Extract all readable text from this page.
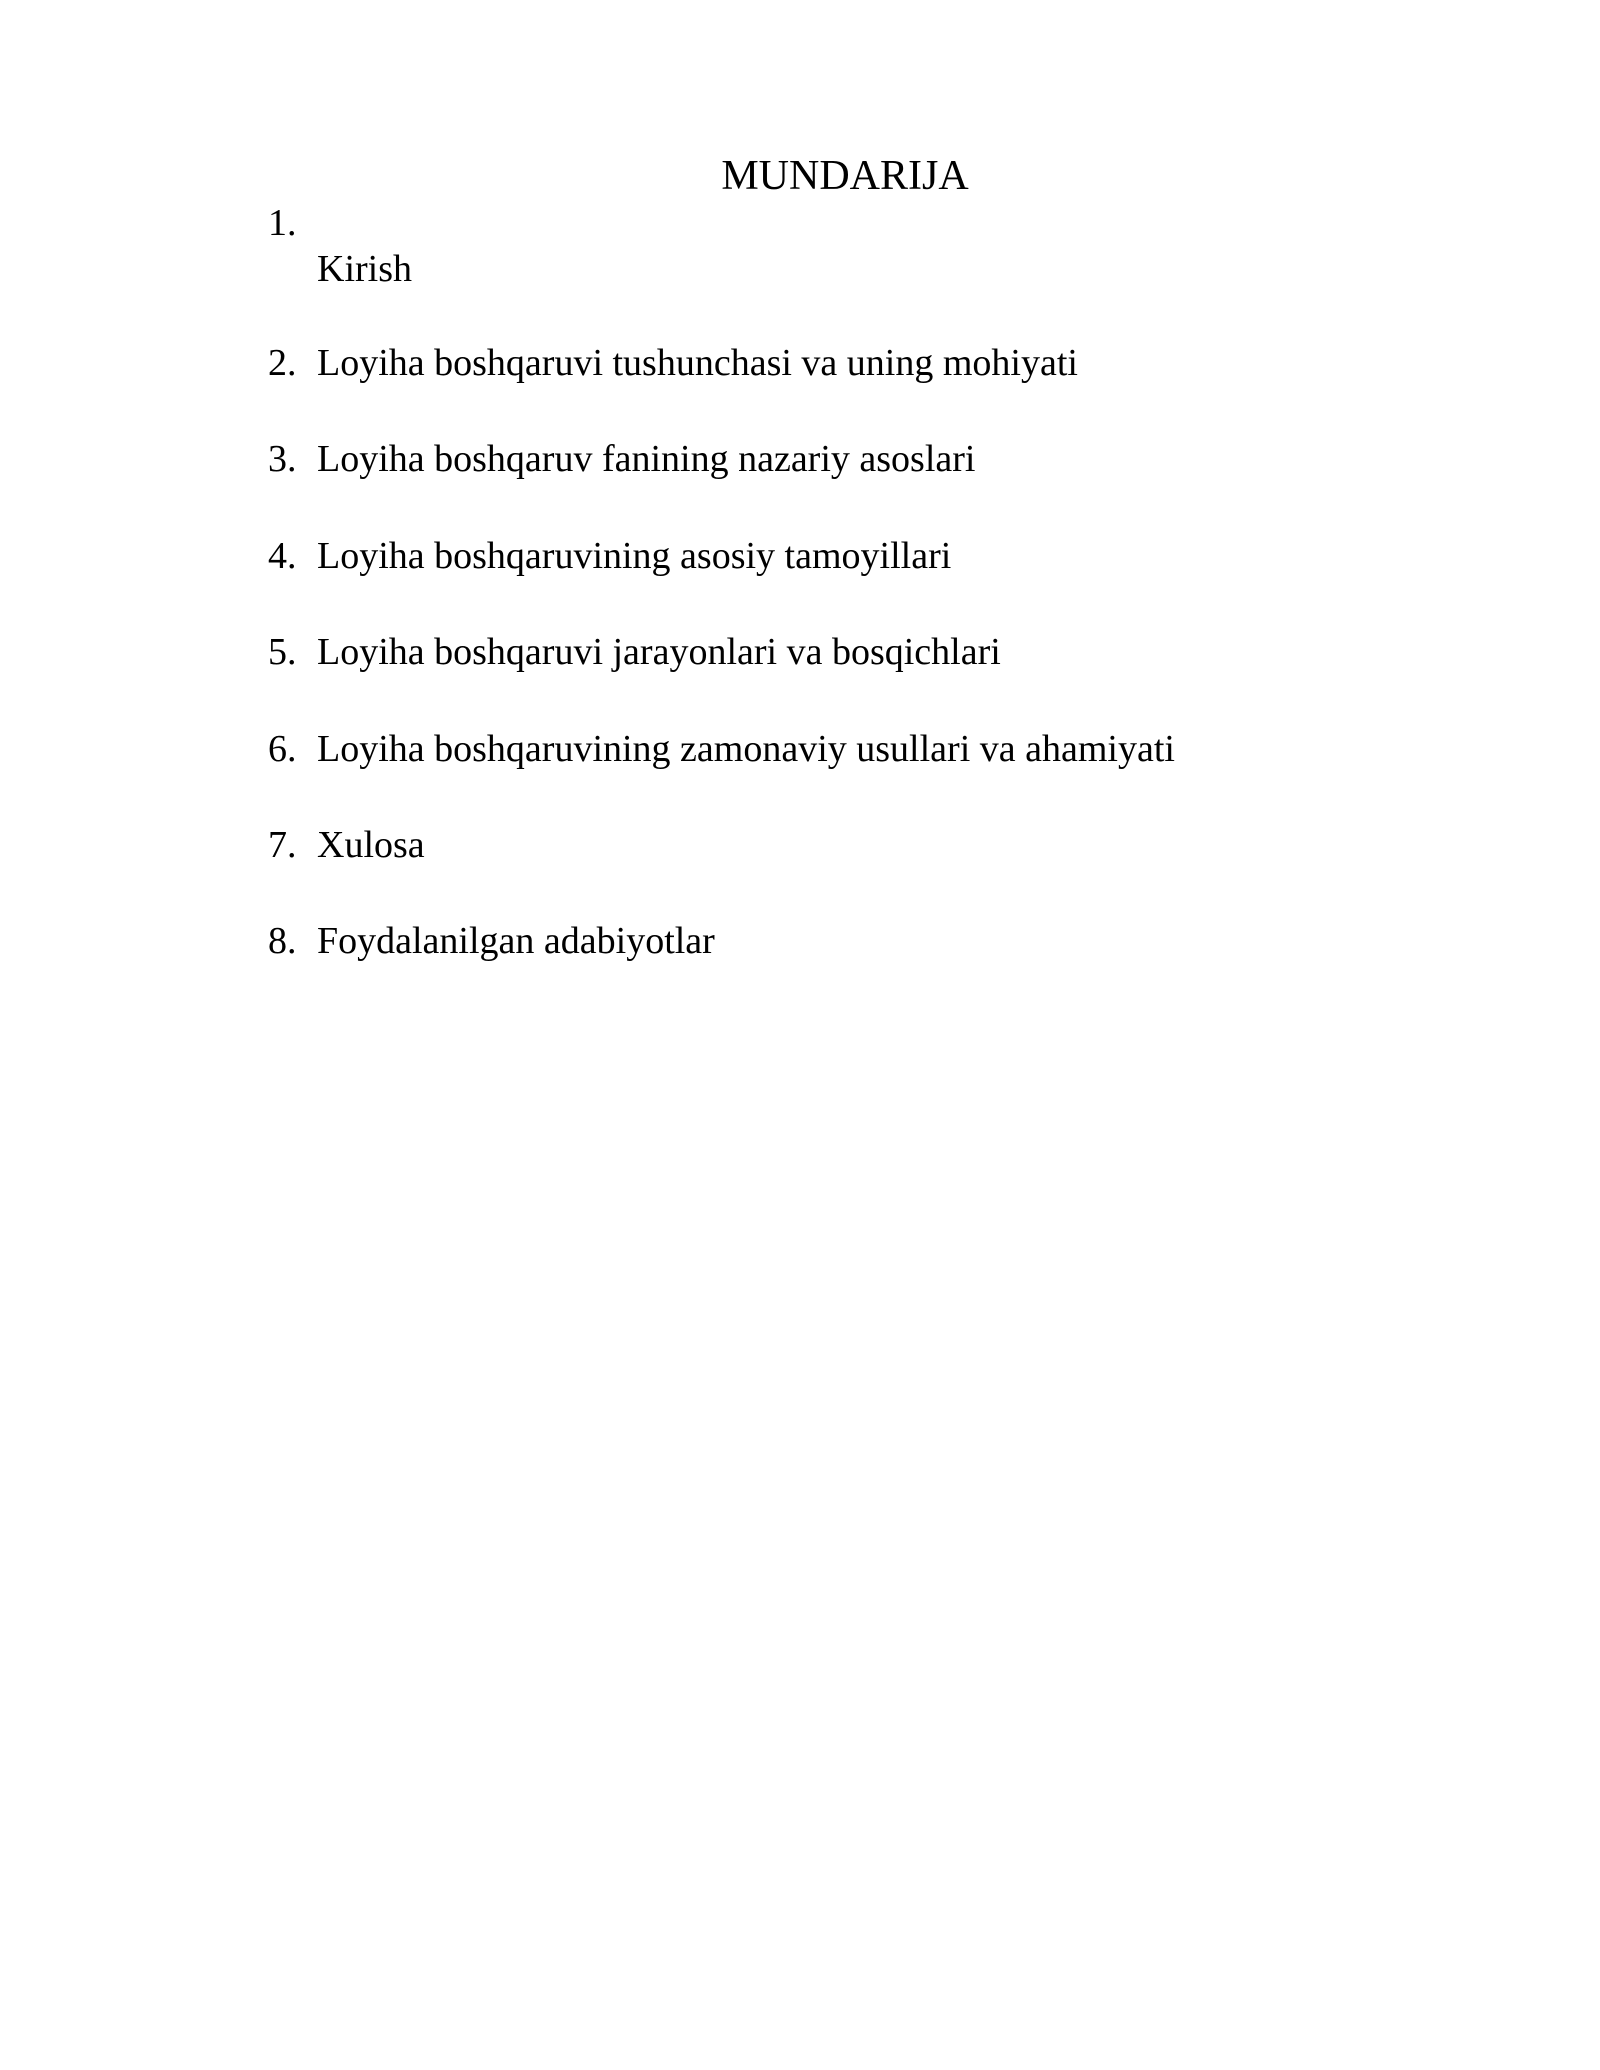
MUNDARIJA
1.
Kirish
2. Loyiha boshqaruvi tushunchasi va uning mohiyati
3. Loyiha boshqaruv fanining nazariy asoslari
4. Loyiha boshqaruvining asosiy tamoyillari
5. Loyiha boshqaruvi jarayonlari va bosqichlari
6. Loyiha boshqaruvining zamonaviy usullari va ahamiyati
7. Xulosa
8. Foydalanilgan adabiyotlar
